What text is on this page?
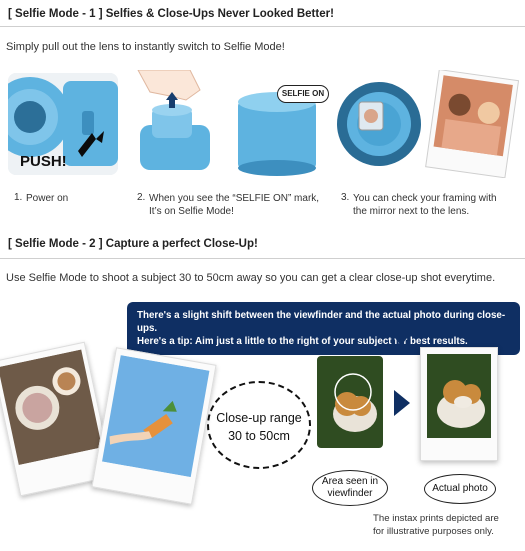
[ Selfie Mode - 1 ] Selfies & Close-Ups Never Looked Better!
Simply pull out the lens to instantly switch to Selfie Mode!
PUSH!
SELFIE ON
1. Power on	2. When you see the “SELFIE ON” mark,
It’s on Selfie Mode!
3. You can check your framing with
the mirror next to the lens.
[ Selfie Mode - 2 ] Capture a perfect Close-Up!
Use Selfie Mode to shoot a subject 30 to 50cm away so you can get a clear close-up shot everytime.
There's a slight shift between the viewfinder and the actual photo during close-ups.
Here's a tip: Aim just a little to the right of your subject for best results.
Close-up range
30 to 50cm
Area seen in
viewfinder	Actual photo
The instax prints depicted are
for illustrative purposes only.
